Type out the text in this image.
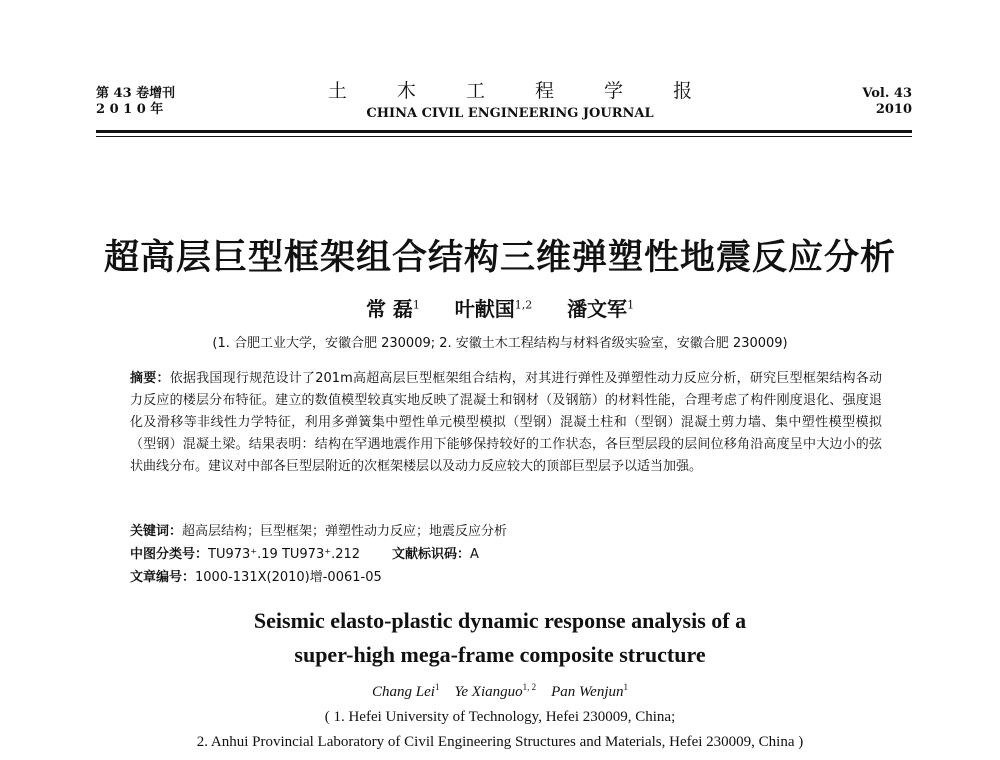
第 43 卷增刊
2 0 1 0 年
土 木 工 程 学 报
CHINA CIVIL ENGINEERING JOURNAL
Vol. 43
2010
超高层巨型框架组合结构三维弹塑性地震反应分析
常 磊$^1$ 叶献国$^{1,2}$ 潘文军$^1$
(1. 合肥工业大学，安徽合肥 230009; 2. 安徽土木工程结构与材料省级实验室，安徽合肥 230009)
摘要：依据我国现行规范设计了201m高超高层巨型框架组合结构，对其进行弹性及弹塑性动力反应分析，研究巨型框架结构各动力反应的楼层分布特征。建立的数值模型较真实地反映了混凝土和钢材（及钢筋）的材料性能，合理考虑了构件刚度退化、强度退化及滑移等非线性力学特征，利用多弹簧集中塑性单元模型模拟（型钢）混凝土柱和（型钢）混凝土剪力墙、集中塑性模型模拟（型钢）混凝土梁。结果表明：结构在罕遇地震作用下能够保持较好的工作状态，各巨型层段的层间位移角沿高度呈中大边小的弦状曲线分布。建议对中部各巨型层附近的次框架楼层以及动力反应较大的顶部巨型层予以适当加强。
关键词：超高层结构；巨型框架；弹塑性动力反应；地震反应分析
中图分类号：TU973⁺.19 TU973⁺.212 文献标识码：A
文章编号：1000-131X(2010)增-0061-05
Seismic elasto-plastic dynamic response analysis of a
super-high mega-frame composite structure
Chang Lei$^1$ Ye Xianguo$^{1, 2}$ Pan Wenjun$^1$
( 1. Hefei University of Technology, Hefei 230009, China;
2. Anhui Provincial Laboratory of Civil Engineering Structures and Materials, Hefei 230009, China )
